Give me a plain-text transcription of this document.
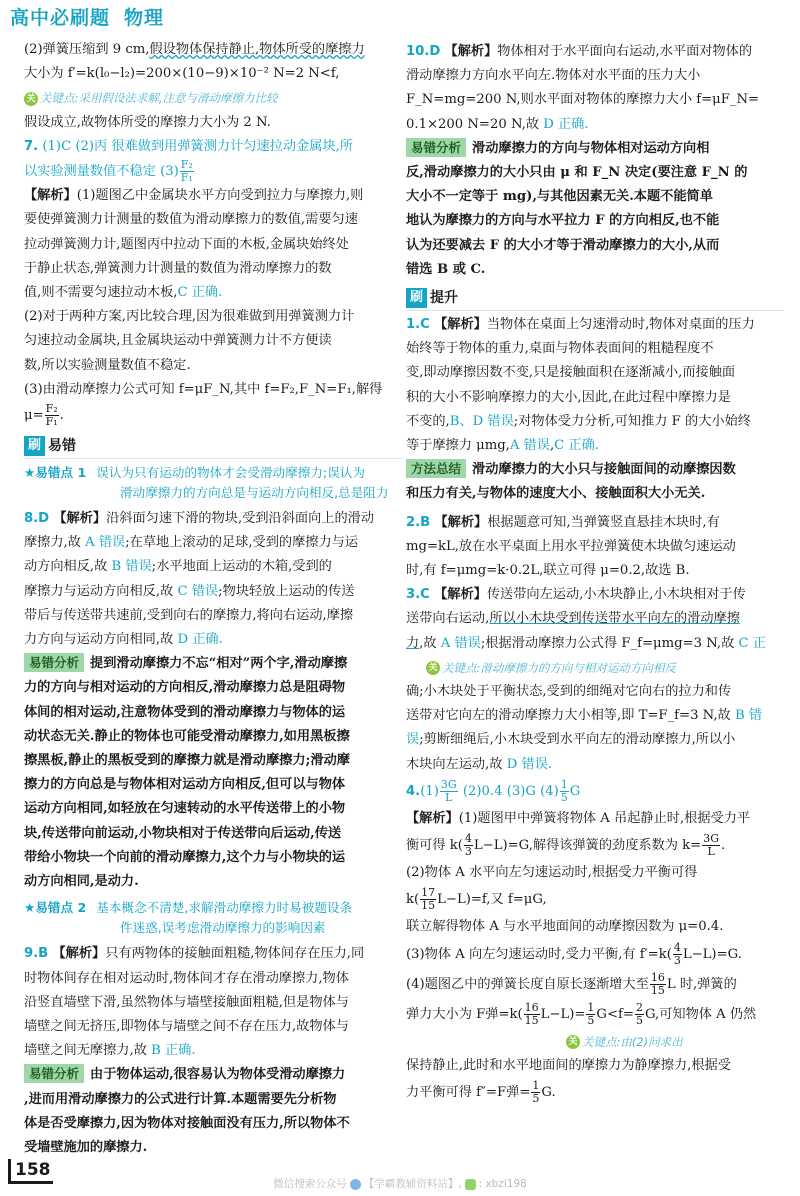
高中必刷题 物理

(2)弹簧压缩到 9 cm,假设物体保持静止,物体所受的摩擦力

大小为 f′=k(l₀−l₂)=200×(10−9)×10⁻² N=2 N<f,

关 关键点:采用假设法求解,注意与滑动摩擦力比较

假设成立,故物体所受的摩擦力大小为 2 N.

7. (1)C (2)丙 很难做到用弹簧测力计匀速拉动金属块,所

以实验测量数值不稳定 $(3) \frac{\text{F₂}}{\text{F₁}}$

【解析】(1)题图乙中金属块水平方向受到拉力与摩擦力,则

要使弹簧测力计测量的数值为滑动摩擦力的数值,需要匀速

拉动弹簧测力计,题图丙中拉动下面的木板,金属块始终处

于静止状态,弹簧测力计测量的数值为滑动摩擦力的数

值,则不需要匀速拉动木板,C 正确.

(2)对于两种方案,丙比较合理,因为很难做到用弹簧测力计

匀速拉动金属块,且金属块运动中弹簧测力计不方便读

数,所以实验测量数值不稳定.

(3)由滑动摩擦力公式可知 f=μF_N,其中 f=F₂,F_N=F₁,解得

$\mu= \frac{\text{F₂}}{\text{F₁}}$ .

刷 易错
★易错点 1 误认为只有运动的物体才会受滑动摩擦力;误认为
滑动摩擦力的方向总是与运动方向相反,总是阻力

8.D 【解析】沿斜面匀速下滑的物块,受到沿斜面向上的滑动

摩擦力,故 A 错误;在草地上滚动的足球,受到的摩擦力与运

动方向相反,故 B 错误;水平地面上运动的木箱,受到的

摩擦力与运动方向相反,故 C 错误;物块轻放上运动的传送

带后与传送带共速前,受到向右的摩擦力,将向右运动,摩擦

力方向与运动方向相同,故 D 正确.

易错分析 提到滑动摩擦力不忘“相对”两个字,滑动摩擦

力的方向与相对运动的方向相反,滑动摩擦力总是阻碍物

体间的相对运动,注意物体受到的滑动摩擦力与物体的运

动状态无关.静止的物体也可能受滑动摩擦力,如用黑板擦

擦黑板,静止的黑板受到的摩擦力就是滑动摩擦力;滑动摩

擦力的方向总是与物体相对运动方向相反,但可以与物体

运动方向相同,如轻放在匀速转动的水平传送带上的小物

块,传送带向前运动,小物块相对于传送带向后运动,传送

带给小物块一个向前的滑动摩擦力,这个力与小物块的运

动方向相同,是动力.

★易错点 2 基本概念不清楚,求解滑动摩擦力时易被题设条
件迷惑,误考虑滑动摩擦力的影响因素

9.B 【解析】只有两物体的接触面粗糙,物体间存在压力,同

时物体间存在相对运动时,物体间才存在滑动摩擦力,物体

沿竖直墙壁下滑,虽然物体与墙壁接触面粗糙,但是物体与

墙壁之间无挤压,即物体与墙壁之间不存在压力,故物体与

墙壁之间无摩擦力,故 B 正确.

易错分析 由于物体运动,很容易认为物体受滑动摩擦力

,进而用滑动摩擦力的公式进行计算.本题需要先分析物

体是否受摩擦力,因为物体对接触面没有压力,所以物体不

受墙壁施加的摩擦力.

10.D 【解析】物体相对于水平面向右运动,水平面对物体的

滑动摩擦力方向水平向左.物体对水平面的压力大小

F_N=mg=200 N,则水平面对物体的摩擦力大小 f=μF_N=

0.1×200 N=20 N,故 D 正确.

易错分析 滑动摩擦力的方向与物体相对运动方向相

反,滑动摩擦力的大小只由 μ 和 F_N 决定(要注意 F_N 的

大小不一定等于 mg),与其他因素无关.本题不能简单

地认为摩擦力的方向与水平拉力 F 的方向相反,也不能

认为还要减去 F 的大小才等于滑动摩擦力的大小,从而

错选 B 或 C.

刷 提升

1.C 【解析】当物体在桌面上匀速滑动时,物体对桌面的压力

始终等于物体的重力,桌面与物体表面间的粗糙程度不

变,即动摩擦因数不变,只是接触面积在逐渐减小,而接触面

积的大小不影响摩擦力的大小,因此,在此过程中摩擦力是

不变的,B、D 错误;对物体受力分析,可知推力 F 的大小始终

等于摩擦力 μmg,A 错误,C 正确.

方法总结 滑动摩擦力的大小只与接触面间的动摩擦因数

和压力有关,与物体的速度大小、接触面积大小无关.

2.B 【解析】根据题意可知,当弹簧竖直悬挂木块时,有

mg=kL,放在水平桌面上用水平拉弹簧使木块做匀速运动

时,有 f=μmg=k·0.2L,联立可得 μ=0.2,故选 B.

3.C 【解析】传送带向左运动,小木块静止,小木块相对于传

送带向右运动,所以小木块受到传送带水平向左的滑动摩擦

力,故 A 错误;根据滑动摩擦力公式得 F_f=μmg=3 N,故 C 正

关 关键点:滑动摩擦力的方向与相对运动方向相反

确;小木块处于平衡状态,受到的细绳对它向右的拉力和传

送带对它向左的滑动摩擦力大小相等,即 T=F_f=3 N,故 B 错

误;剪断细绳后,小木块受到水平向左的滑动摩擦力,所以小

木块向左运动,故 D 错误.

$4.(1) \frac{3G}{L} (2)0.4$ (3)G $(4) \frac{1}{5}$ G

【解析】(1)题图甲中弹簧将物体 A 吊起静止时,根据受力平

衡可得 $k( \frac{4}{3} L-L)=G$,解得该弹簧的劲度系数为 $k= \frac{3G}{L}$ .

(2)物体 A 水平向左匀速运动时,根据受力平衡可得

$k( \frac{17}{15} L-L)=f$,又 f=μG,

联立解得物体 A 与水平地面间的动摩擦因数为 μ=0.4.

(3)物体 A 向左匀速运动时,受力平衡,有 $f'=k( \frac{4}{3} L-L)=G$.

(4)题图乙中的弹簧长度自原长逐渐增大至 $\frac{16}{15}$ L 时,弹簧的

弹力大小为 F弹$=k( \frac{16}{15} L-L)= \frac{1}{5} G<f= \frac{2}{5} G$,可知物体 A 仍然

关 关键点:由(2)问求出

保持静止,此时和水平地面间的摩擦力为静摩擦力,根据受

力平衡可得 f″=F弹= $\frac{1}{5} G$.

158
微信搜索公众号 【学霸教辅资料站】, : xbzl198
